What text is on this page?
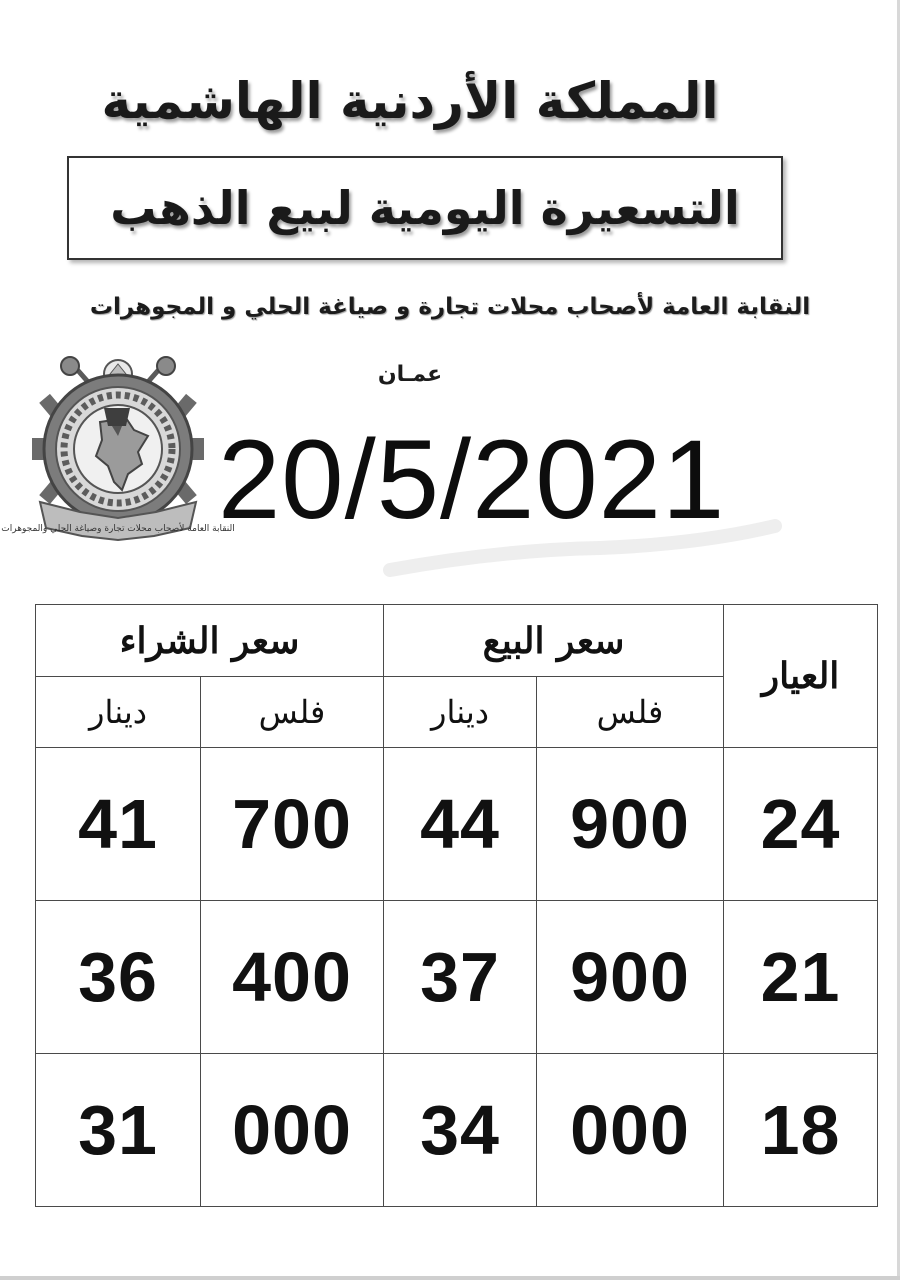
المملكة الأردنية الهاشمية
التسعيرة اليومية لبيع الذهب
النقابة العامة لأصحاب محلات تجارة و صياغة الحلي و المجوهرات
عمـان
النقابة العامة لأصحاب محلات تجارة وصياغة الحلي والمجوهرات
20/5/2021
سعر الشراء		سعر البيع		العيار
دينار	فلس	دينار	فلس	
41	700	44	900	24
36	400	37	900	21
31	000	34	000	18
